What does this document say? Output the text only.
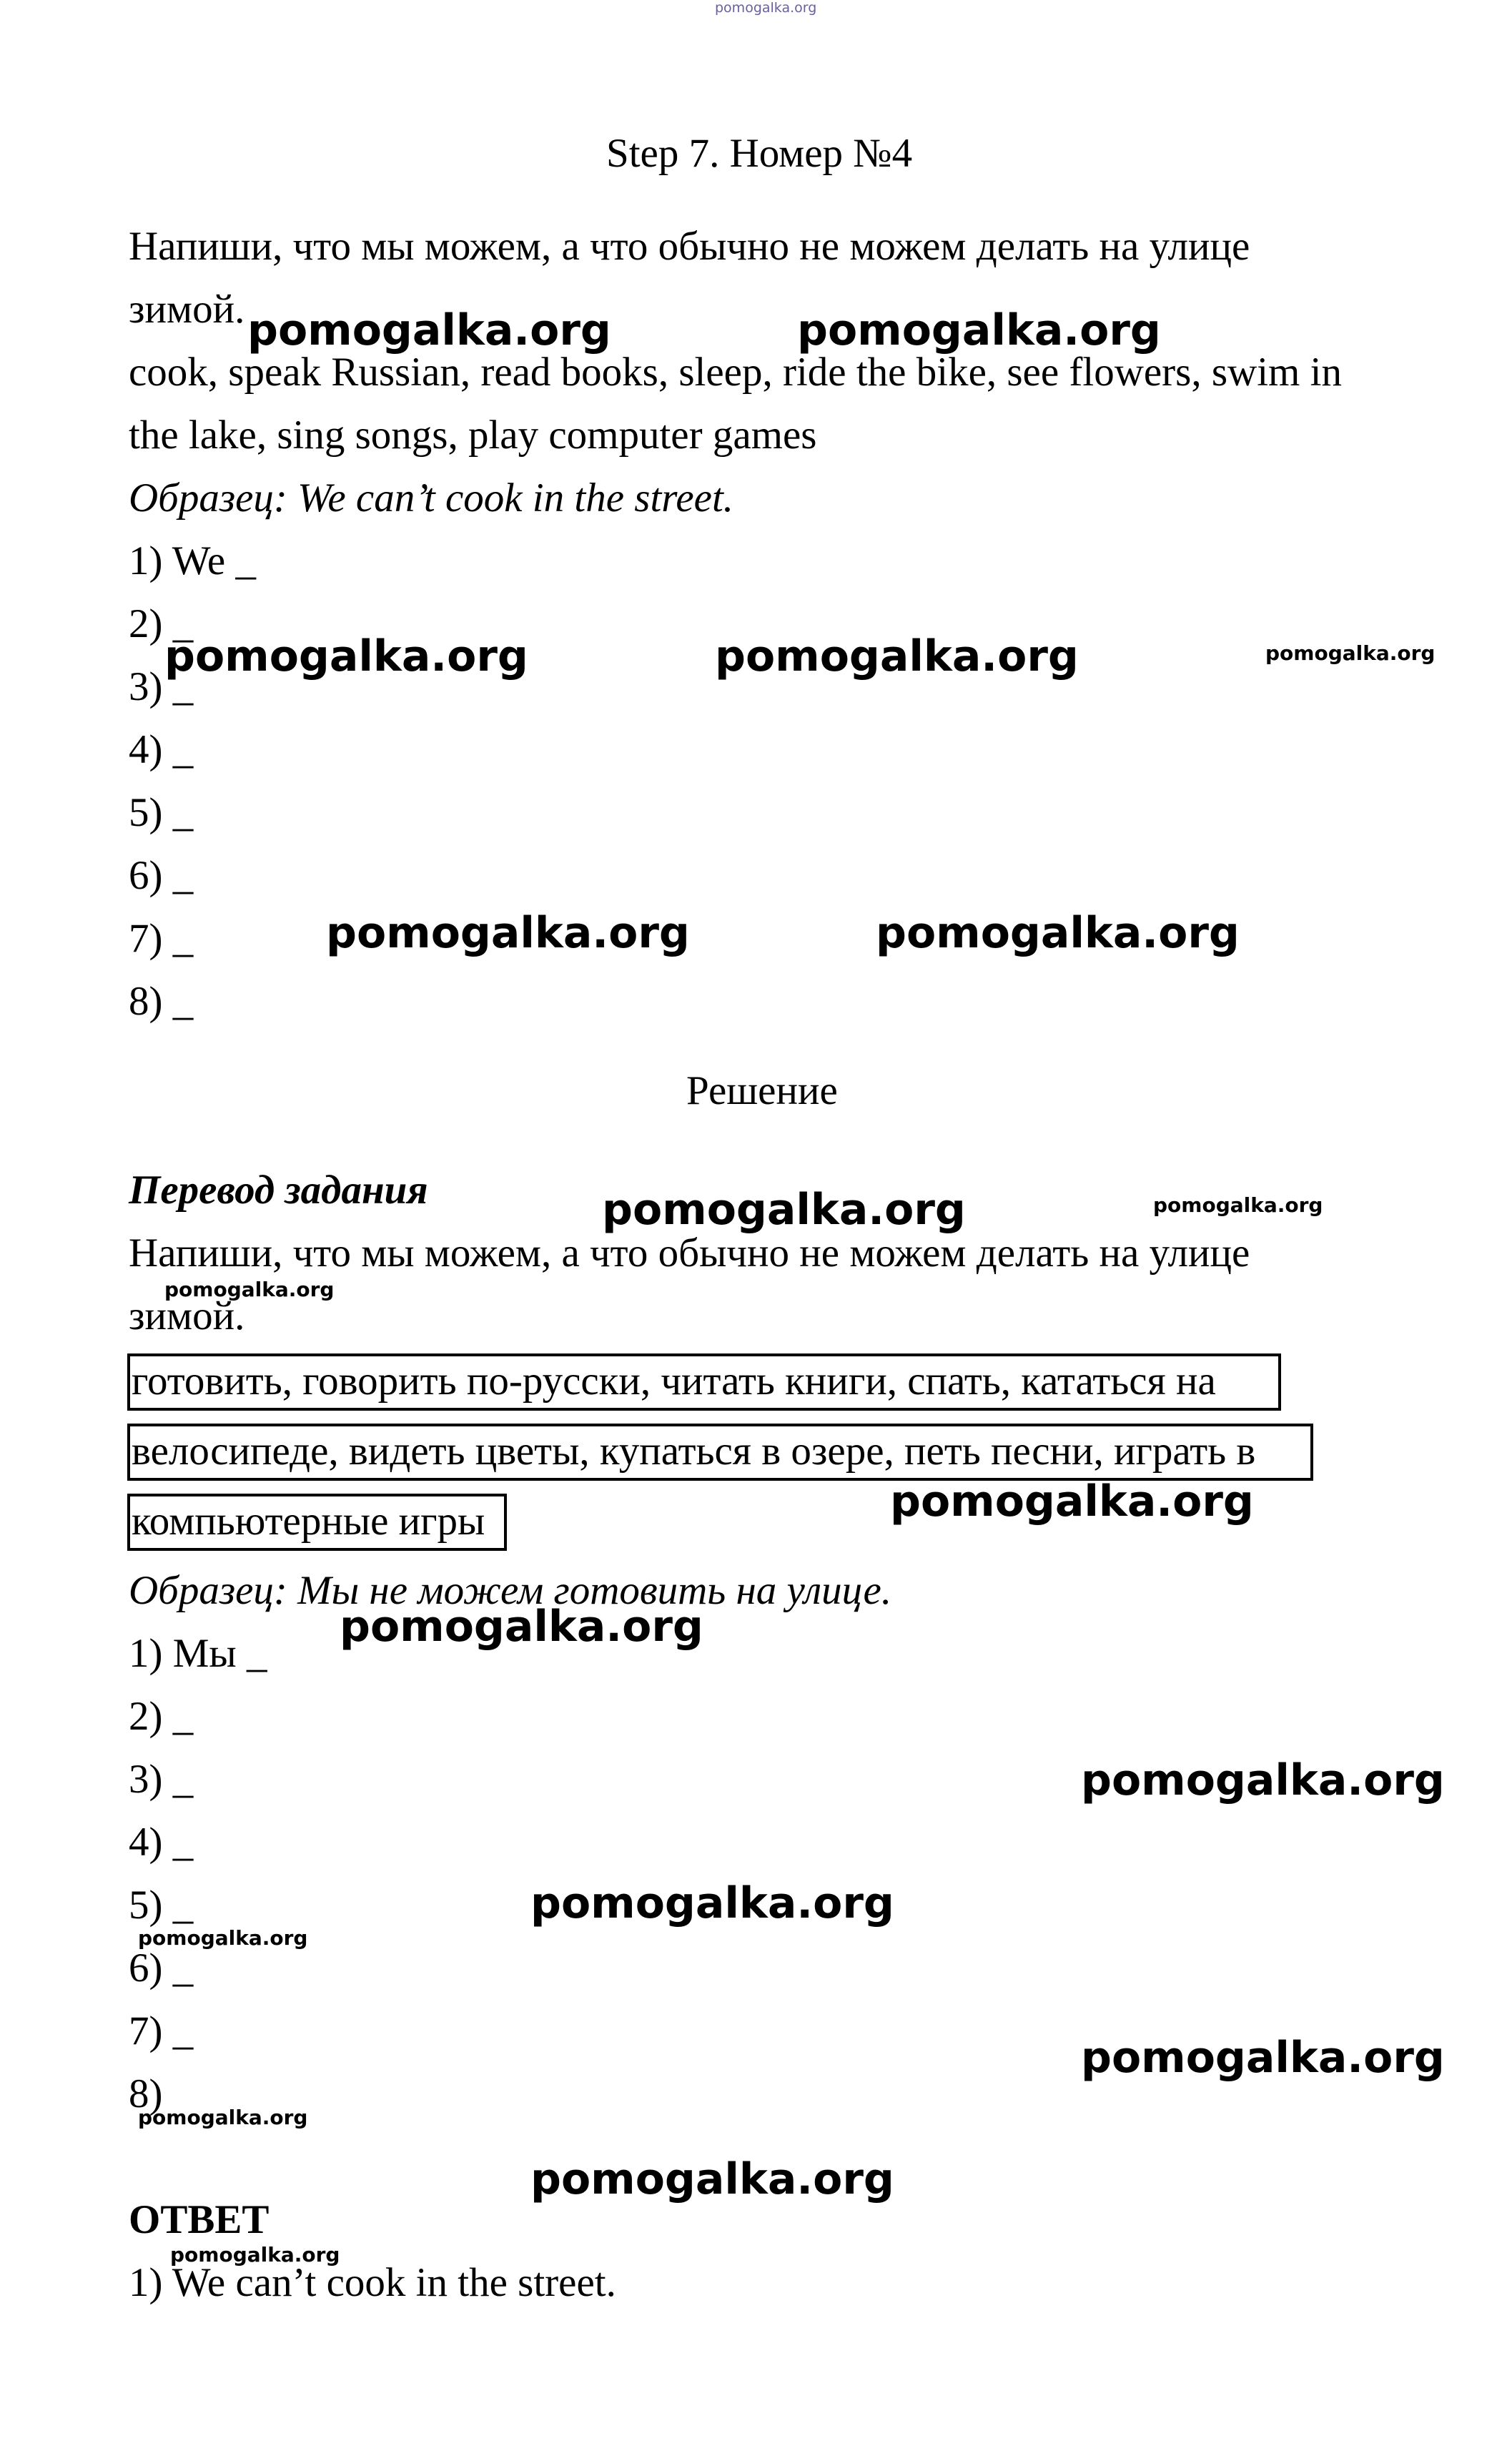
pomogalka.org
Step 7. Номер №4
Напиши, что мы можем, а что обычно не можем делать на улице
зимой.
cook, speak Russian, read books, sleep, ride the bike, see flowers, swim in
the lake, sing songs, play computer games
Образец: We can’t cook in the street.
1) We _
2) _
3) _
4) _
5) _
6) _
7) _
8) _
Решение
Перевод задания
Напиши, что мы можем, а что обычно не можем делать на улице
зимой.
готовить, говорить по-русски, читать книги, спать, кататься на
велосипеде, видеть цветы, купаться в озере, петь песни, играть в
компьютерные игры
Образец: Мы не можем готовить на улице.
1) Мы _
2) _
3) _
4) _
5) _
6) _
7) _
8)
ОТВЕТ
1) We can’t cook in the street.
pomogalka.org	pomogalka.org
pomogalka.org	pomogalka.org	pomogalka.org
pomogalka.org	pomogalka.org
pomogalka.org	pomogalka.org
pomogalka.org
pomogalka.org
pomogalka.org
pomogalka.org
pomogalka.org
pomogalka.org
pomogalka.org
pomogalka.org
pomogalka.org
pomogalka.org
